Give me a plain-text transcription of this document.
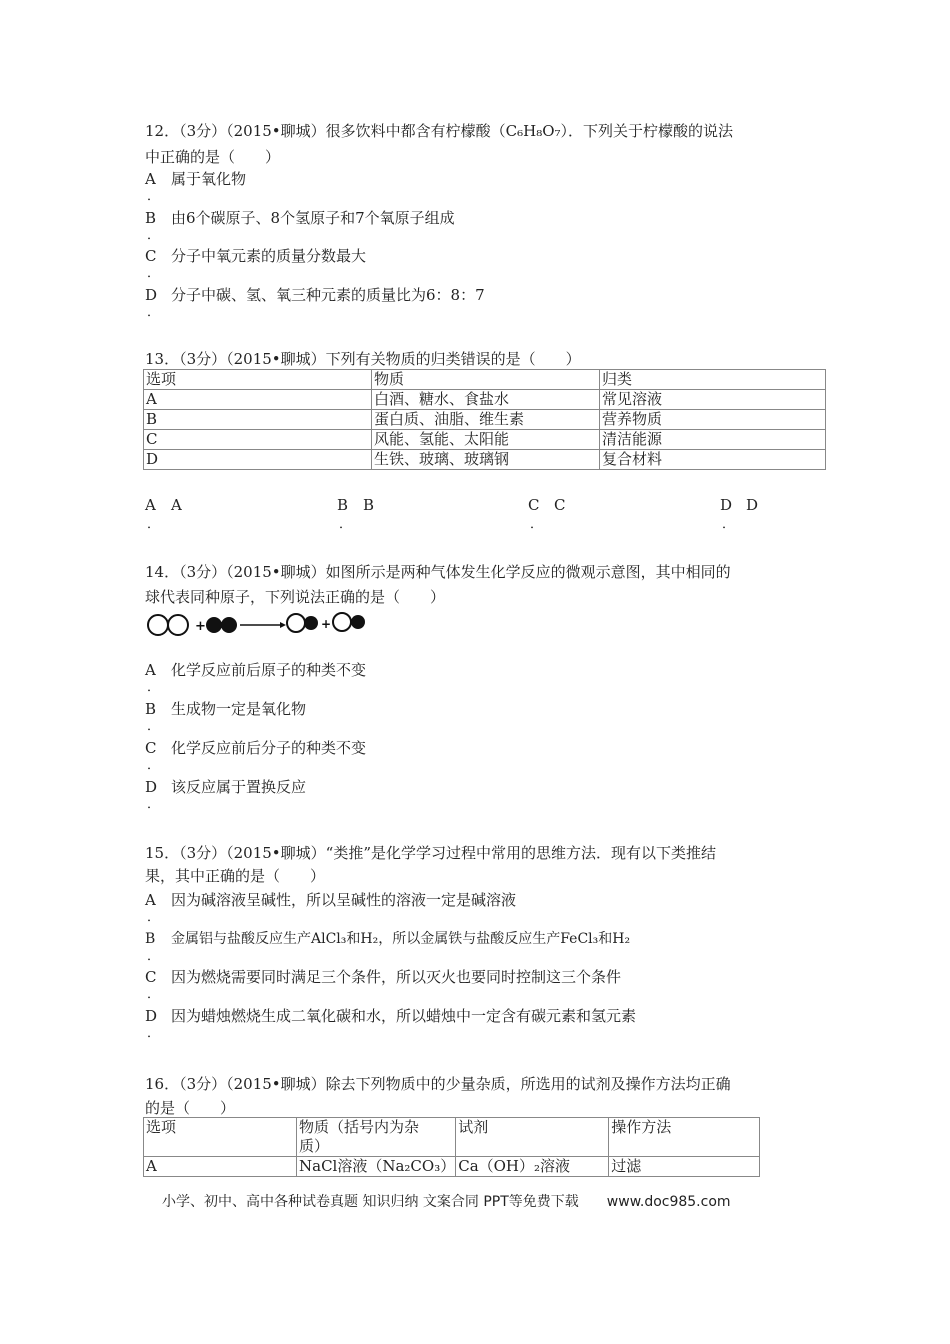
12．（3分）（2015•聊城）很多饮料中都含有柠檬酸（C₆H₈O₇）．下列关于柠檬酸的说法
中正确的是（　　）
A 属于氧化物
．
B 由6个碳原子、8个氢原子和7个氧原子组成
．
C 分子中氧元素的质量分数最大
．
D 分子中碳、氢、氧三种元素的质量比为6：8：7
．
13．（3分）（2015•聊城）下列有关物质的归类错误的是（　　）
选项	物质	归类
A	白酒、糖水、食盐水	常见溶液
B	蛋白质、油脂、维生素	营养物质
C	风能、氢能、太阳能	清洁能源
D	生铁、玻璃、玻璃钢	复合材料
A A	B B	C C	D D
．	．	．	．
14．（3分）（2015•聊城）如图所示是两种气体发生化学反应的微观示意图，其中相同的
球代表同种原子，下列说法正确的是（　　）
+	+
A 化学反应前后原子的种类不变
．
B 生成物一定是氧化物
．
C 化学反应前后分子的种类不变
．
D 该反应属于置换反应
．
15．（3分）（2015•聊城）“类推”是化学学习过程中常用的思维方法．现有以下类推结
果，其中正确的是（　　）
A 因为碱溶液呈碱性，所以呈碱性的溶液一定是碱溶液
．
B 金属铝与盐酸反应生产AlCl₃和H₂，所以金属铁与盐酸反应生产FeCl₃和H₂
．
C 因为燃烧需要同时满足三个条件，所以灭火也要同时控制这三个条件
．
D 因为蜡烛燃烧生成二氧化碳和水，所以蜡烛中一定含有碳元素和氢元素
．
16．（3分）（2015•聊城）除去下列物质中的少量杂质，所选用的试剂及操作方法均正确
的是（　　）
选项	物质（括号内为杂
质）	试剂	操作方法
A	NaCl溶液（Na₂CO₃）	Ca（OH）₂溶液	过滤
小学、初中、高中各种试卷真题 知识归纳 文案合同 PPT等免费下载 www.doc985.com
